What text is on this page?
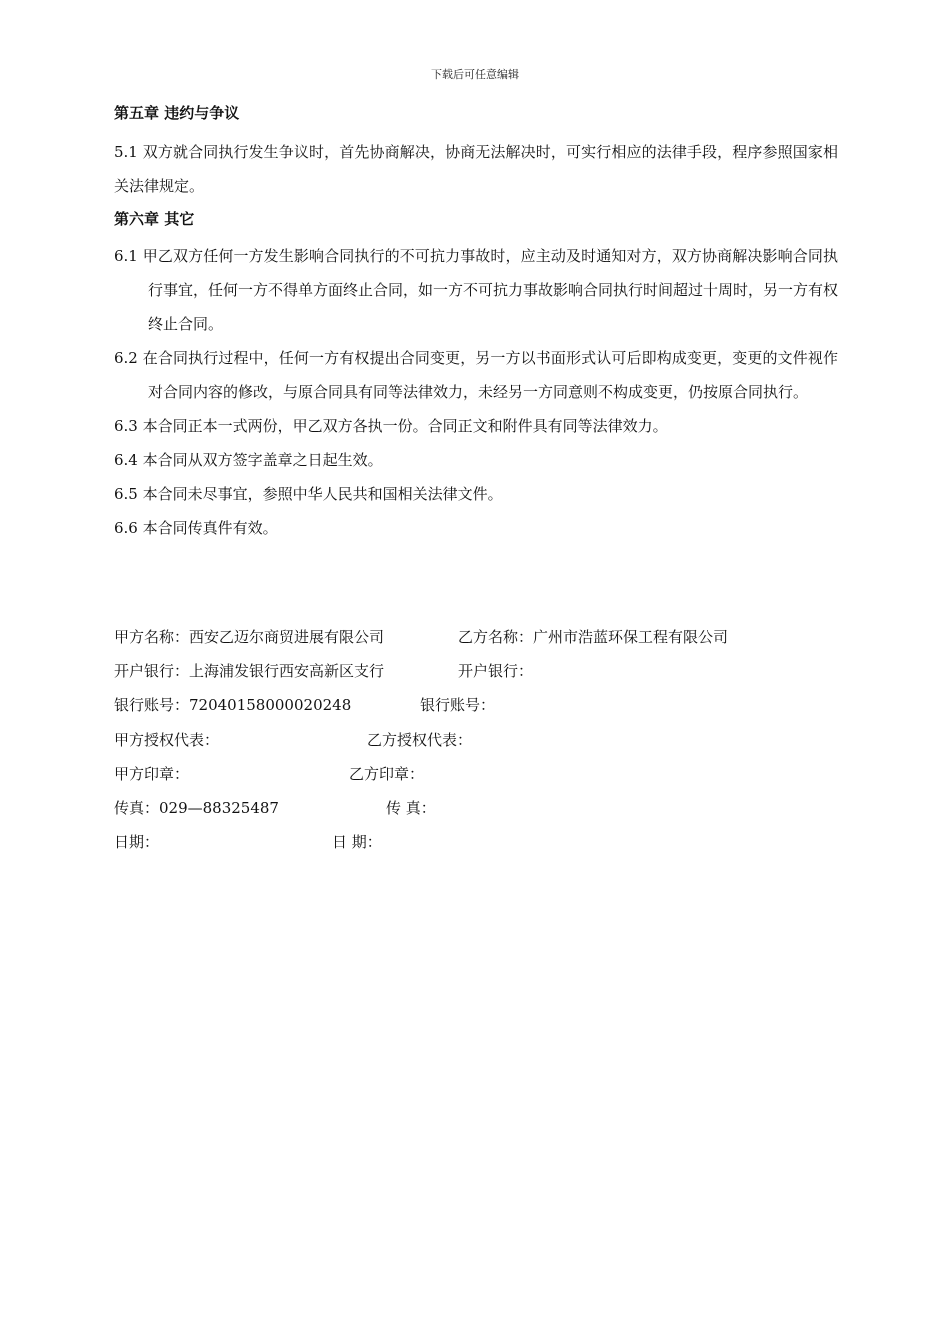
下载后可任意编辑
第五章 违约与争议

5.1 双方就合同执行发生争议时，首先协商解决，协商无法解决时，可实行相应的法律手段，程序参照国家相关法律规定。

第六章 其它

6.1 甲乙双方任何一方发生影响合同执行的不可抗力事故时，应主动及时通知对方，双方协商解决影响合同执行事宜，任何一方不得单方面终止合同，如一方不可抗力事故影响合同执行时间超过十周时，另一方有权终止合同。

6.2 在合同执行过程中，任何一方有权提出合同变更，另一方以书面形式认可后即构成变更，变更的文件视作对合同内容的修改，与原合同具有同等法律效力，未经另一方同意则不构成变更，仍按原合同执行。

6.3 本合同正本一式两份，甲乙双方各执一份。合同正文和附件具有同等法律效力。

6.4 本合同从双方签字盖章之日起生效。

6.5 本合同未尽事宜，参照中华人民共和国相关法律文件。

6.6 本合同传真件有效。

甲方名称：西安乙迈尔商贸进展有限公司	乙方名称：广州市浩蓝环保工程有限公司
开户银行：上海浦发银行西安高新区支行	开户银行：
银行账号：72040158000020248	银行账号：
甲方授权代表：	乙方授权代表：
甲方印章：	乙方印章：
传真：029—88325487	传 真：
日期：	日 期：
